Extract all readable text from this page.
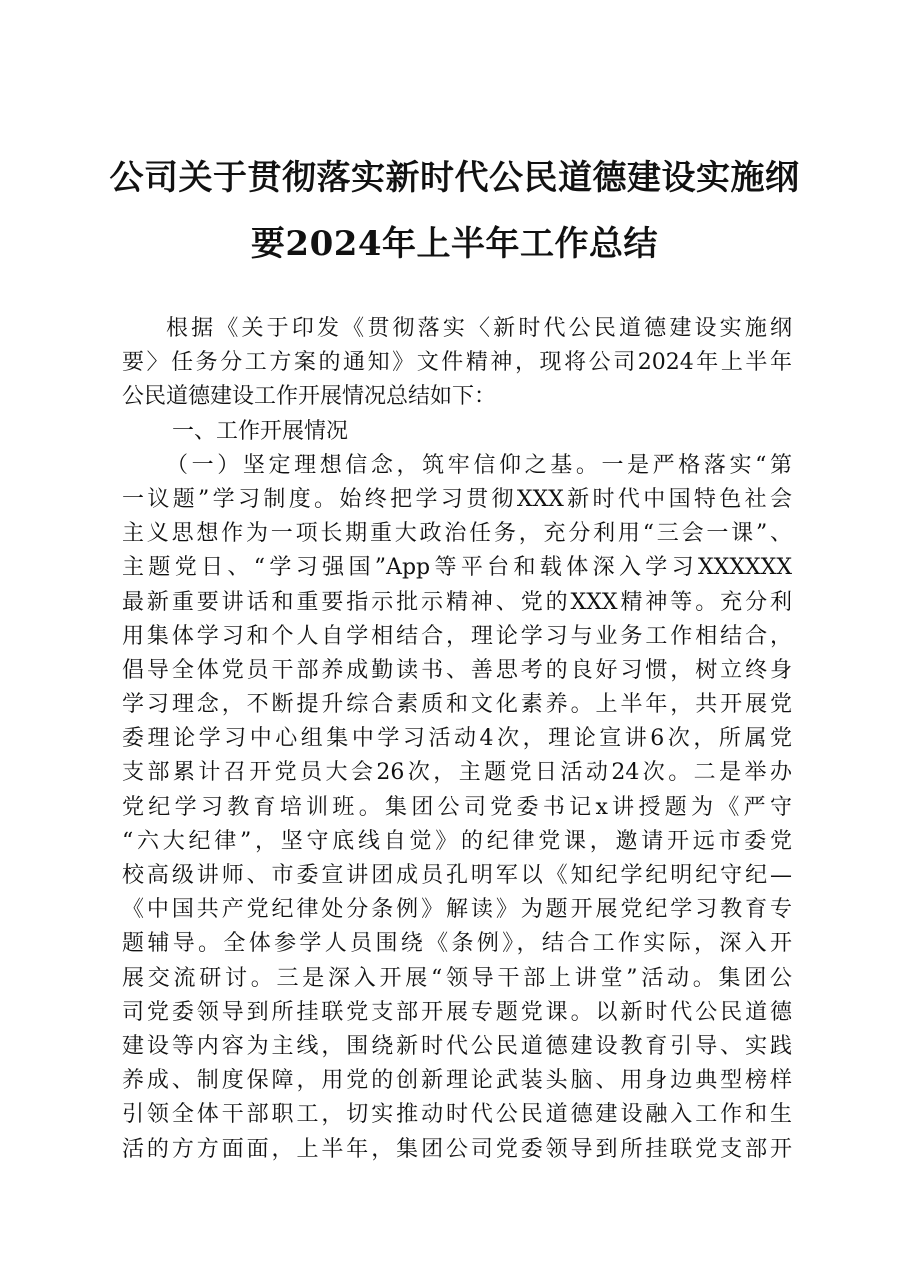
公司关于贯彻落实新时代公民道德建设实施纲
要2024年上半年工作总结
根据《关于印发《贯彻落实〈新时代公民道德建设实施纲
要〉任务分工方案的通知》文件精神，现将公司2024年上半年
公民道德建设工作开展情况总结如下：
一、工作开展情况
（一）坚定理想信念，筑牢信仰之基。一是严格落实“第
一议题”学习制度。始终把学习贯彻XXX新时代中国特色社会
主义思想作为一项长期重大政治任务，充分利用“三会一课”、
主题党日、“学习强国”App等平台和载体深入学习XXXXXX
最新重要讲话和重要指示批示精神、党的XXX精神等。充分利
用集体学习和个人自学相结合，理论学习与业务工作相结合，
倡导全体党员干部养成勤读书、善思考的良好习惯，树立终身
学习理念，不断提升综合素质和文化素养。上半年，共开展党
委理论学习中心组集中学习活动4次，理论宣讲6次，所属党
支部累计召开党员大会26次，主题党日活动24次。二是举办
党纪学习教育培训班。集团公司党委书记x讲授题为《严守
“六大纪律”，坚守底线自觉》的纪律党课，邀请开远市委党
校高级讲师、市委宣讲团成员孔明军以《知纪学纪明纪守纪—
《中国共产党纪律处分条例》解读》为题开展党纪学习教育专
题辅导。全体参学人员围绕《条例》，结合工作实际，深入开
展交流研讨。三是深入开展“领导干部上讲堂”活动。集团公
司党委领导到所挂联党支部开展专题党课。以新时代公民道德
建设等内容为主线，围绕新时代公民道德建设教育引导、实践
养成、制度保障，用党的创新理论武装头脑、用身边典型榜样
引领全体干部职工，切实推动时代公民道德建设融入工作和生
活的方方面面，上半年，集团公司党委领导到所挂联党支部开
